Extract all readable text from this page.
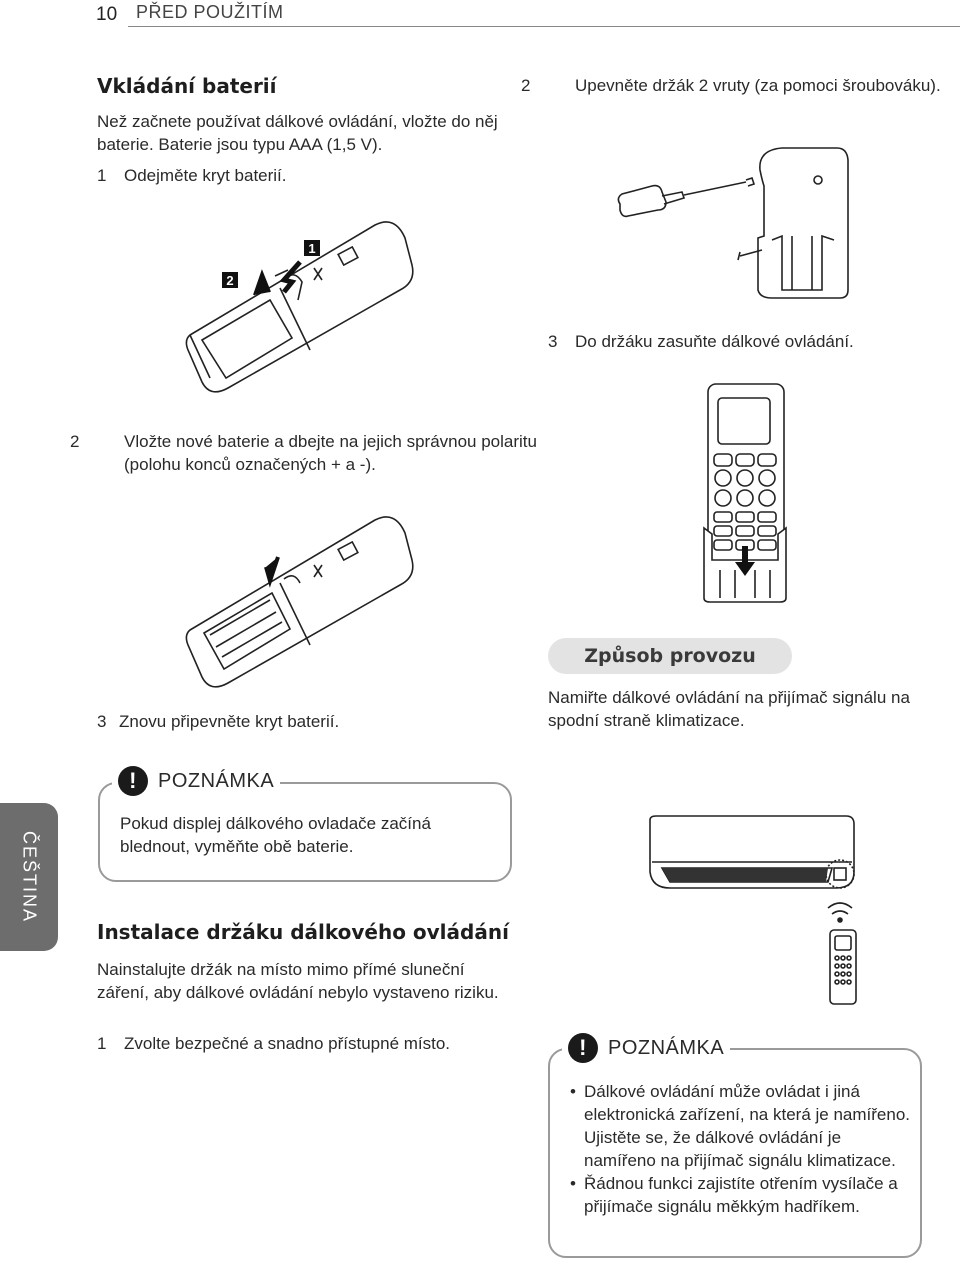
10 PŘED POUŽITÍM
Vkládání baterií
Než začnete používat dálkové ovládání, vložte do něj baterie. Baterie jsou typu AAA (1,5 V).
1 Odejměte kryt baterií.
1
2
2	Vložte nové baterie a dbejte na jejich správnou polaritu (polohu konců označených + a -).
3 Znovu připevněte kryt baterií.
!	POZNÁMKA
Pokud displej dálkového ovladače začíná blednout, vyměňte obě baterie.
ČEŠTINA
Instalace držáku dálkového ovládání
Nainstalujte držák na místo mimo přímé sluneční záření, aby dálkové ovládání nebylo vystaveno riziku.
1 Zvolte bezpečné a snadno přístupné místo.
2	Upevněte držák 2 vruty (za pomoci šroubováku).
3 Do držáku zasuňte dálkové ovládání.
Způsob provozu
Namiřte dálkové ovládání na přijímač signálu na spodní straně klimatizace.
!	POZNÁMKA
• Dálkové ovládání může ovládat i jiná elektronická zařízení, na která je namířeno. Ujistěte se, že dálkové ovládání je namířeno na přijímač signálu klimatizace.
• Řádnou funkci zajistíte otřením vysílače a přijímače signálu měkkým hadříkem.
